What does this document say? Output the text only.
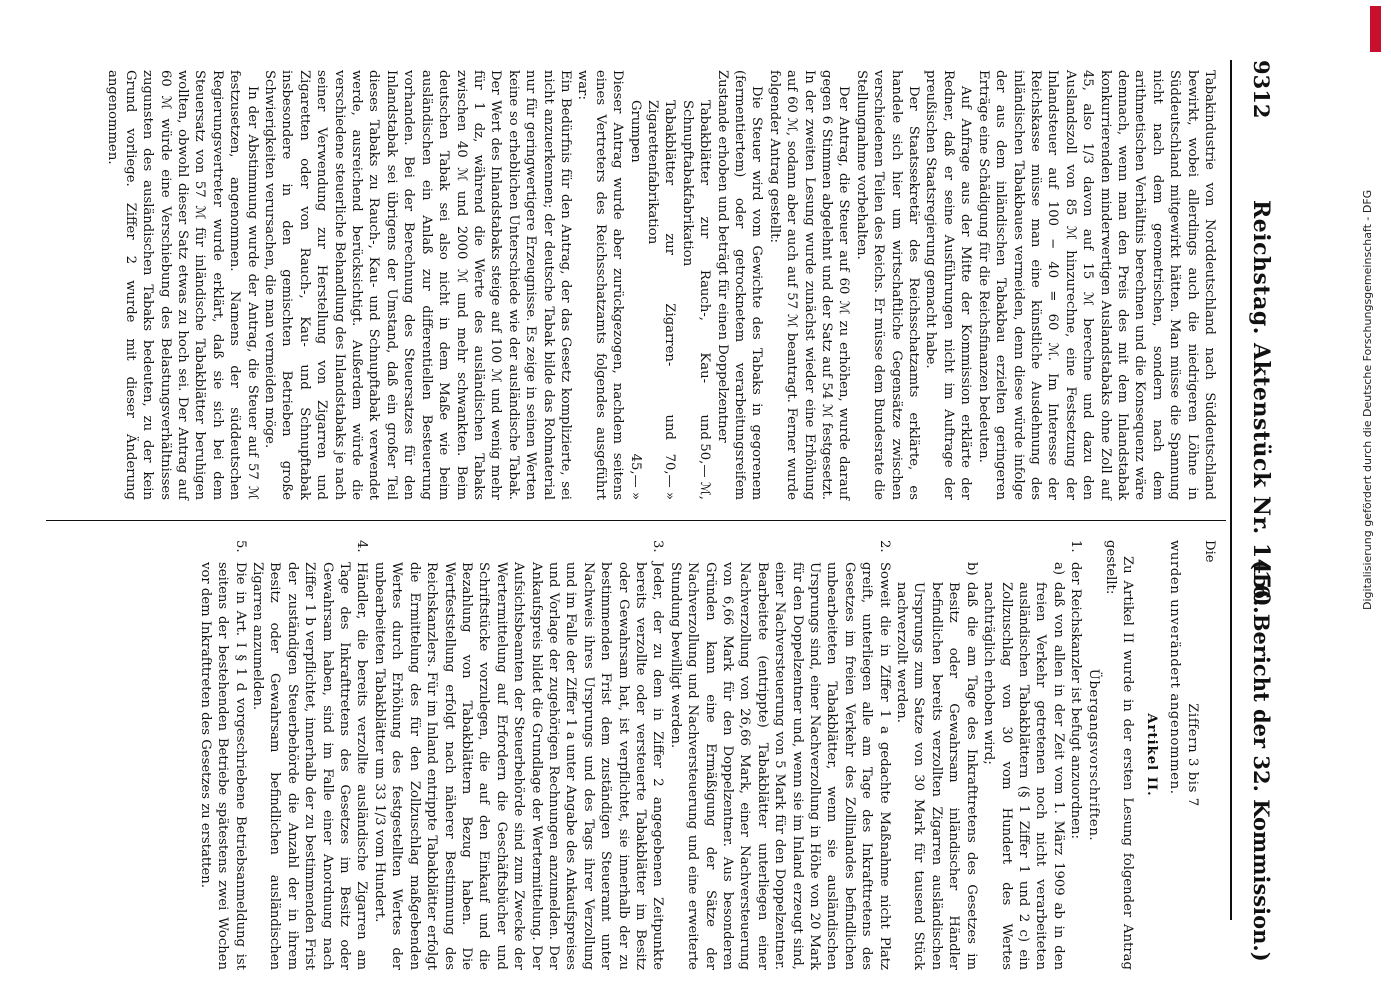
9312
Reichstag. Aktenstück Nr. 1450.
(16. Bericht der 32. Kommission.)

Tabakindustrie von Norddeutschland nach Süddeutschland bewirkt, wobei allerdings auch die niedrigeren Löhne in Süddeutschland mitgewirkt hätten. Man müsse die Spannung nicht nach dem geometrischen, sondern nach dem arithmetischen Verhältnis berechnen und die Konsequenz wäre demnach, wenn man den Preis des mit dem Inlandstabak konkurrierenden minderwertigen Auslandstabaks ohne Zoll auf 45, also 1/3 davon auf 15 ℳ berechne und dazu den Auslandszoll von 85 ℳ hinzurechne, eine Festsetzung der Inlandsteuer auf 100 − 40 = 60 ℳ. Im Interesse der Reichskasse müsse man eine künstliche Ausdehnung des inländischen Tabakbaues vermeiden, denn diese würde infolge der aus dem inländischen Tabakbau erzielten geringeren Erträge eine Schädigung für die Reichsfinanzen bedeuten.

Auf Anfrage aus der Mitte der Kommission erklärte der Redner, daß er seine Ausführungen nicht im Auftrage der preußischen Staatsregierung gemacht habe.

Der Staatssekretär des Reichsschatzamts erklärte, es handele sich hier um wirtschaftliche Gegensätze zwischen verschiedenen Teilen des Reichs. Er müsse dem Bundesrate die Stellungnahme vorbehalten.

Der Antrag, die Steuer auf 60 ℳ zu erhöhen, wurde darauf gegen 6 Stimmen abgelehnt und der Satz auf 54 ℳ festgesetzt. In der zweiten Lesung wurde zunächst wieder eine Erhöhung auf 60 ℳ, sodann aber auch auf 57 ℳ beantragt. Ferner wurde folgender Antrag gestellt:

Die Steuer wird vom Gewichte des Tabaks in gegorenem (fermentiertem) oder getrocknetem verarbeitungsreifem Zustande erhoben und beträgt für einen Doppelzentner

Tabakblätter zur Rauch-, Kau- und Schnupftabakfabrikation
50,— ℳ,
Tabakblätter zur Zigarren- und Zigarettenfabrikation
70,— »
Grumpen
45,— »

Dieser Antrag wurde aber zurückgezogen, nachdem seitens eines Vertreters des Reichsschatzamts folgendes ausgeführt war:

Ein Bedürfnis für den Antrag, der das Gesetz komplizierte, sei nicht anzuerkennen; der deutsche Tabak bilde das Rohmaterial nur für geringwertigere Erzeugnisse. Es zeige in seinen Werten keine so erheblichen Unterschiede wie der ausländische Tabak. Der Wert des Inlandstabaks steige auf 100 ℳ und wenig mehr für 1 dz, während die Werte des ausländischen Tabaks zwischen 40 ℳ und 2000 ℳ und mehr schwankten. Beim deutschen Tabak sei also nicht in dem Maße wie beim ausländischen ein Anlaß zur differentiellen Besteuerung vorhanden. Bei der Berechnung des Steuersatzes für den Inlandstabak sei übrigens der Umstand, daß ein großer Teil dieses Tabaks zu Rauch-, Kau- und Schnupftabak verwendet werde, ausreichend berücksichtigt. Außerdem würde die verschiedene steuerliche Behandlung des Inlandstabaks je nach seiner Verwendung zur Herstellung von Zigarren und Zigaretten oder von Rauch-, Kau- und Schnupftabak insbesondere in den gemischten Betrieben große Schwierigkeiten verursachen, die man vermeiden möge.

In der Abstimmung wurde der Antrag, die Steuer auf 57 ℳ festzusetzen, angenommen. Namens der süddeutschen Regierungsvertreter wurde erklärt, daß sie sich bei dem Steuersatz von 57 ℳ für inländische Tabakblätter beruhigen wollten, obwohl dieser Satz etwas zu hoch sei. Der Antrag auf 60 ℳ würde eine Verschiebung des Belastungsverhältnisses zugunsten des ausländischen Tabaks bedeuten, zu der kein Grund vorliege. Ziffer 2 wurde mit dieser Änderung angenommen.

Die

Ziffern 3 bis 7

wurden unverändert angenommen.

Artikel II.

Zu Artikel II wurde in der ersten Lesung folgender Antrag gestellt:

Übergangsvorschriften.

1.
der Reichskanzler ist befugt anzuordnen:
a)
daß von allen in der Zeit vom 1. März 1909 ab in den freien Verkehr getretenen noch nicht verarbeiteten ausländischen Tabakblättern (§ 1 Ziffer 1 und 2 c) ein Zollzuschlag von 30 vom Hundert des Wertes nachträglich erhoben wird;
b)
daß die am Tage des Inkrafttretens des Gesetzes im Besitz oder Gewahrsam inländischer Händler befindlichen bereits verzollten Zigarren ausländischen Ursprungs zum Satze von 30 Mark für tausend Stück nachverzollt werden.
2.
Soweit die in Ziffer 1 a gedachte Maßnahme nicht Platz greift, unterliegen alle am Tage des Inkrafttretens des Gesetzes im freien Verkehr des Zollinlandes befindlichen unbearbeiteten Tabakblätter, wenn sie ausländischen Ursprungs sind, einer Nachverzollung in Höhe von 20 Mark für den Doppelzentner und, wenn sie im Inland erzeugt sind, einer Nachversteuerung von 5 Mark für den Doppelzentner. Bearbeitete (entrippte) Tabakblätter unterliegen einer Nachverzollung von 26,66 Mark, einer Nachversteuerung von 6,66 Mark für den Doppelzentner. Aus besonderen Gründen kann eine Ermäßigung der Sätze der Nachverzollung und Nachversteuerung und eine erweiterte Stundung bewilligt werden.
3.
Jeder, der zu dem in Ziffer 2 angegebenen Zeitpunkte bereits verzollte oder versteuerte Tabakblätter im Besitz oder Gewahrsam hat, ist verpflichtet, sie innerhalb der zu bestimmenden Frist dem zuständigen Steueramt unter Nachweis ihres Ursprungs und des Tags ihrer Verzollung und im Falle der Ziffer 1 a unter Angabe des Ankaufspreises und Vorlage der zugehörigen Rechnungen anzumelden. Der Ankaufspreis bildet die Grundlage der Wertermittelung. Der Aufsichtsbeamten der Steuerbehörde sind zum Zwecke der Wertermittelung auf Erfordern die Geschäftsbücher und Schriftstücke vorzulegen, die auf den Einkauf und die Bezahlung von Tabakblättern Bezug haben. Die Wertfeststellung erfolgt nach näherer Bestimmung des Reichskanzlers. Für im Inland entrippte Tabakblätter erfolgt die Ermittelung des für den Zollzuschlag maßgebenden Wertes durch Erhöhung des festgestellten Wertes der unbearbeiteten Tabakblätter um 33 1/3 vom Hundert.
4.
Händler, die bereits verzollte ausländische Zigarren am Tage des Inkrafttretens des Gesetzes im Besitz oder Gewahrsam haben, sind im Falle einer Anordnung nach Ziffer 1 b verpflichtet, innerhalb der zu bestimmenden Frist der zuständigen Steuerbehörde die Anzahl der in ihrem Besitz oder Gewahrsam befindlichen ausländischen Zigarren anzumelden.
5.
Die in Art. I § 1 d vorgeschriebene Betriebsanmeldung ist seitens der bestehenden Betriebe spätestens zwei Wochen vor dem Inkrafttreten des Gesetzes zu erstatten.
Digitalisierung gefördert durch die Deutsche Forschungsgemeinschaft - DFG
DFG
